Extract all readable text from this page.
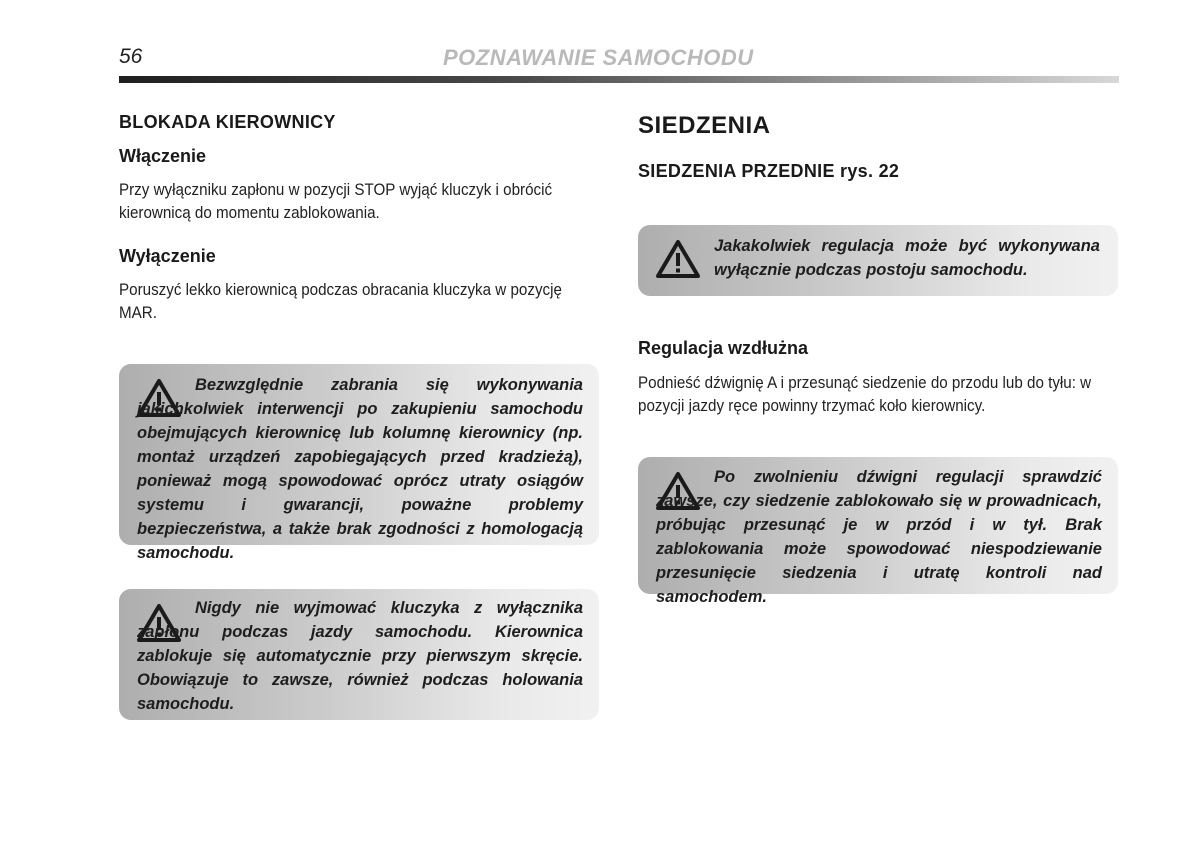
56	POZNAWANIE SAMOCHODU
BLOKADA KIEROWNICY
Włączenie

Przy wyłączniku zapłonu w pozycji STOP wyjąć kluczyk i obrócić kierownicą do momentu zablokowania.

Wyłączenie

Poruszyć lekko kierownicą podczas obracania kluczyka w pozycję MAR.

Bezwzględnie zabrania się wykonywania jakichkolwiek interwencji po zakupieniu samochodu obejmujących kierownicę lub kolumnę kierownicy (np. montaż urządzeń zapobiegających przed kradzieżą), ponieważ mogą spowodować oprócz utraty osiągów systemu i gwarancji, poważne problemy bezpieczeństwa, a także brak zgodności z homologacją samochodu.
Nigdy nie wyjmować kluczyka z wyłącznika zapłonu podczas jazdy samochodu. Kierownica zablokuje się automatycznie przy pierwszym skręcie. Obowiązuje to zawsze, również podczas holowania samochodu.
SIEDZENIA
SIEDZENIA PRZEDNIE rys. 22
Jakakolwiek regulacja może być wykonywana wyłącznie podczas postoju samochodu.
Regulacja wzdłużna

Podnieść dźwignię A i przesunąć siedzenie do przodu lub do tyłu: w pozycji jazdy ręce powinny trzymać koło kierownicy.

Po zwolnieniu dźwigni regulacji sprawdzić zawsze, czy siedzenie zablokowało się w prowadnicach, próbując przesunąć je w przód i w tył. Brak zablokowania może spowodować niespodziewanie przesunięcie siedzenia i utratę kontroli nad samochodem.
